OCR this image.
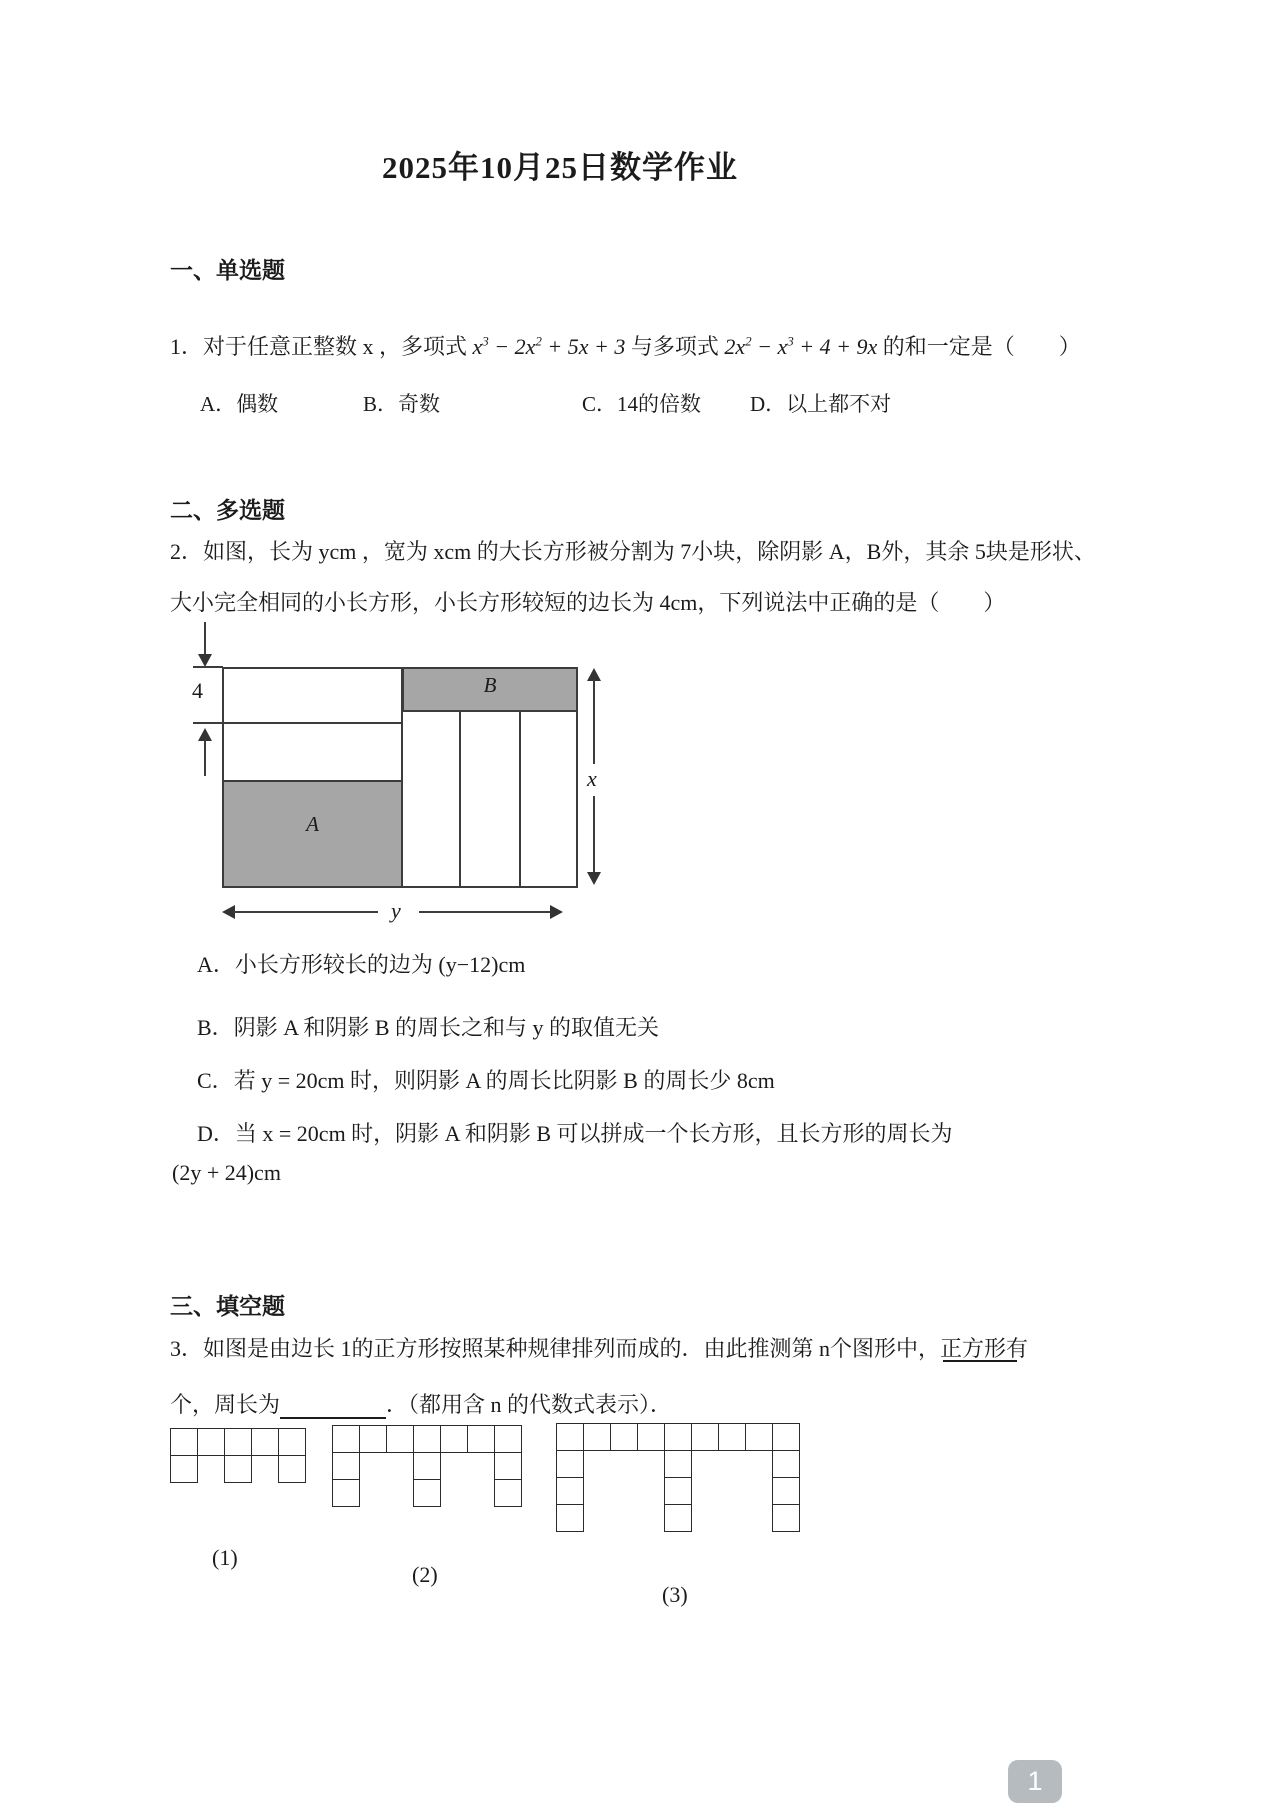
2025年10月25日数学作业
一、单选题
1．对于任意正整数 x ，多项式 $x^3 - 2x^2 + 5x + 3$ 与多项式 $2x^2 - x^3 + 4 + 9x$ 的和一定是（　　）
A．偶数	B．奇数	C．14的倍数 D．以上都不对
二、多选题
2．如图，长为 ycm ，宽为 xcm 的大长方形被分割为 7小块，除阴影 A，B外，其余 5块是形状、
大小完全相同的小长方形，小长方形较短的边长为 4cm，下列说法中正确的是（　　）
4
A
B
x
y
A．小长方形较长的边为 (y−12)cm
B．阴影 A 和阴影 B 的周长之和与 y 的取值无关
C．若 y = 20cm 时，则阴影 A 的周长比阴影 B 的周长少 8cm
D．当 x = 20cm 时，阴影 A 和阴影 B 可以拼成一个长方形，且长方形的周长为
(2y + 24)cm
三、填空题
3．如图是由边长 1的正方形按照某种规律排列而成的．由此推测第 n个图形中，正方形有
个，周长为	．（都用含 n 的代数式表示）．
(1)
(2)
(3)
1
